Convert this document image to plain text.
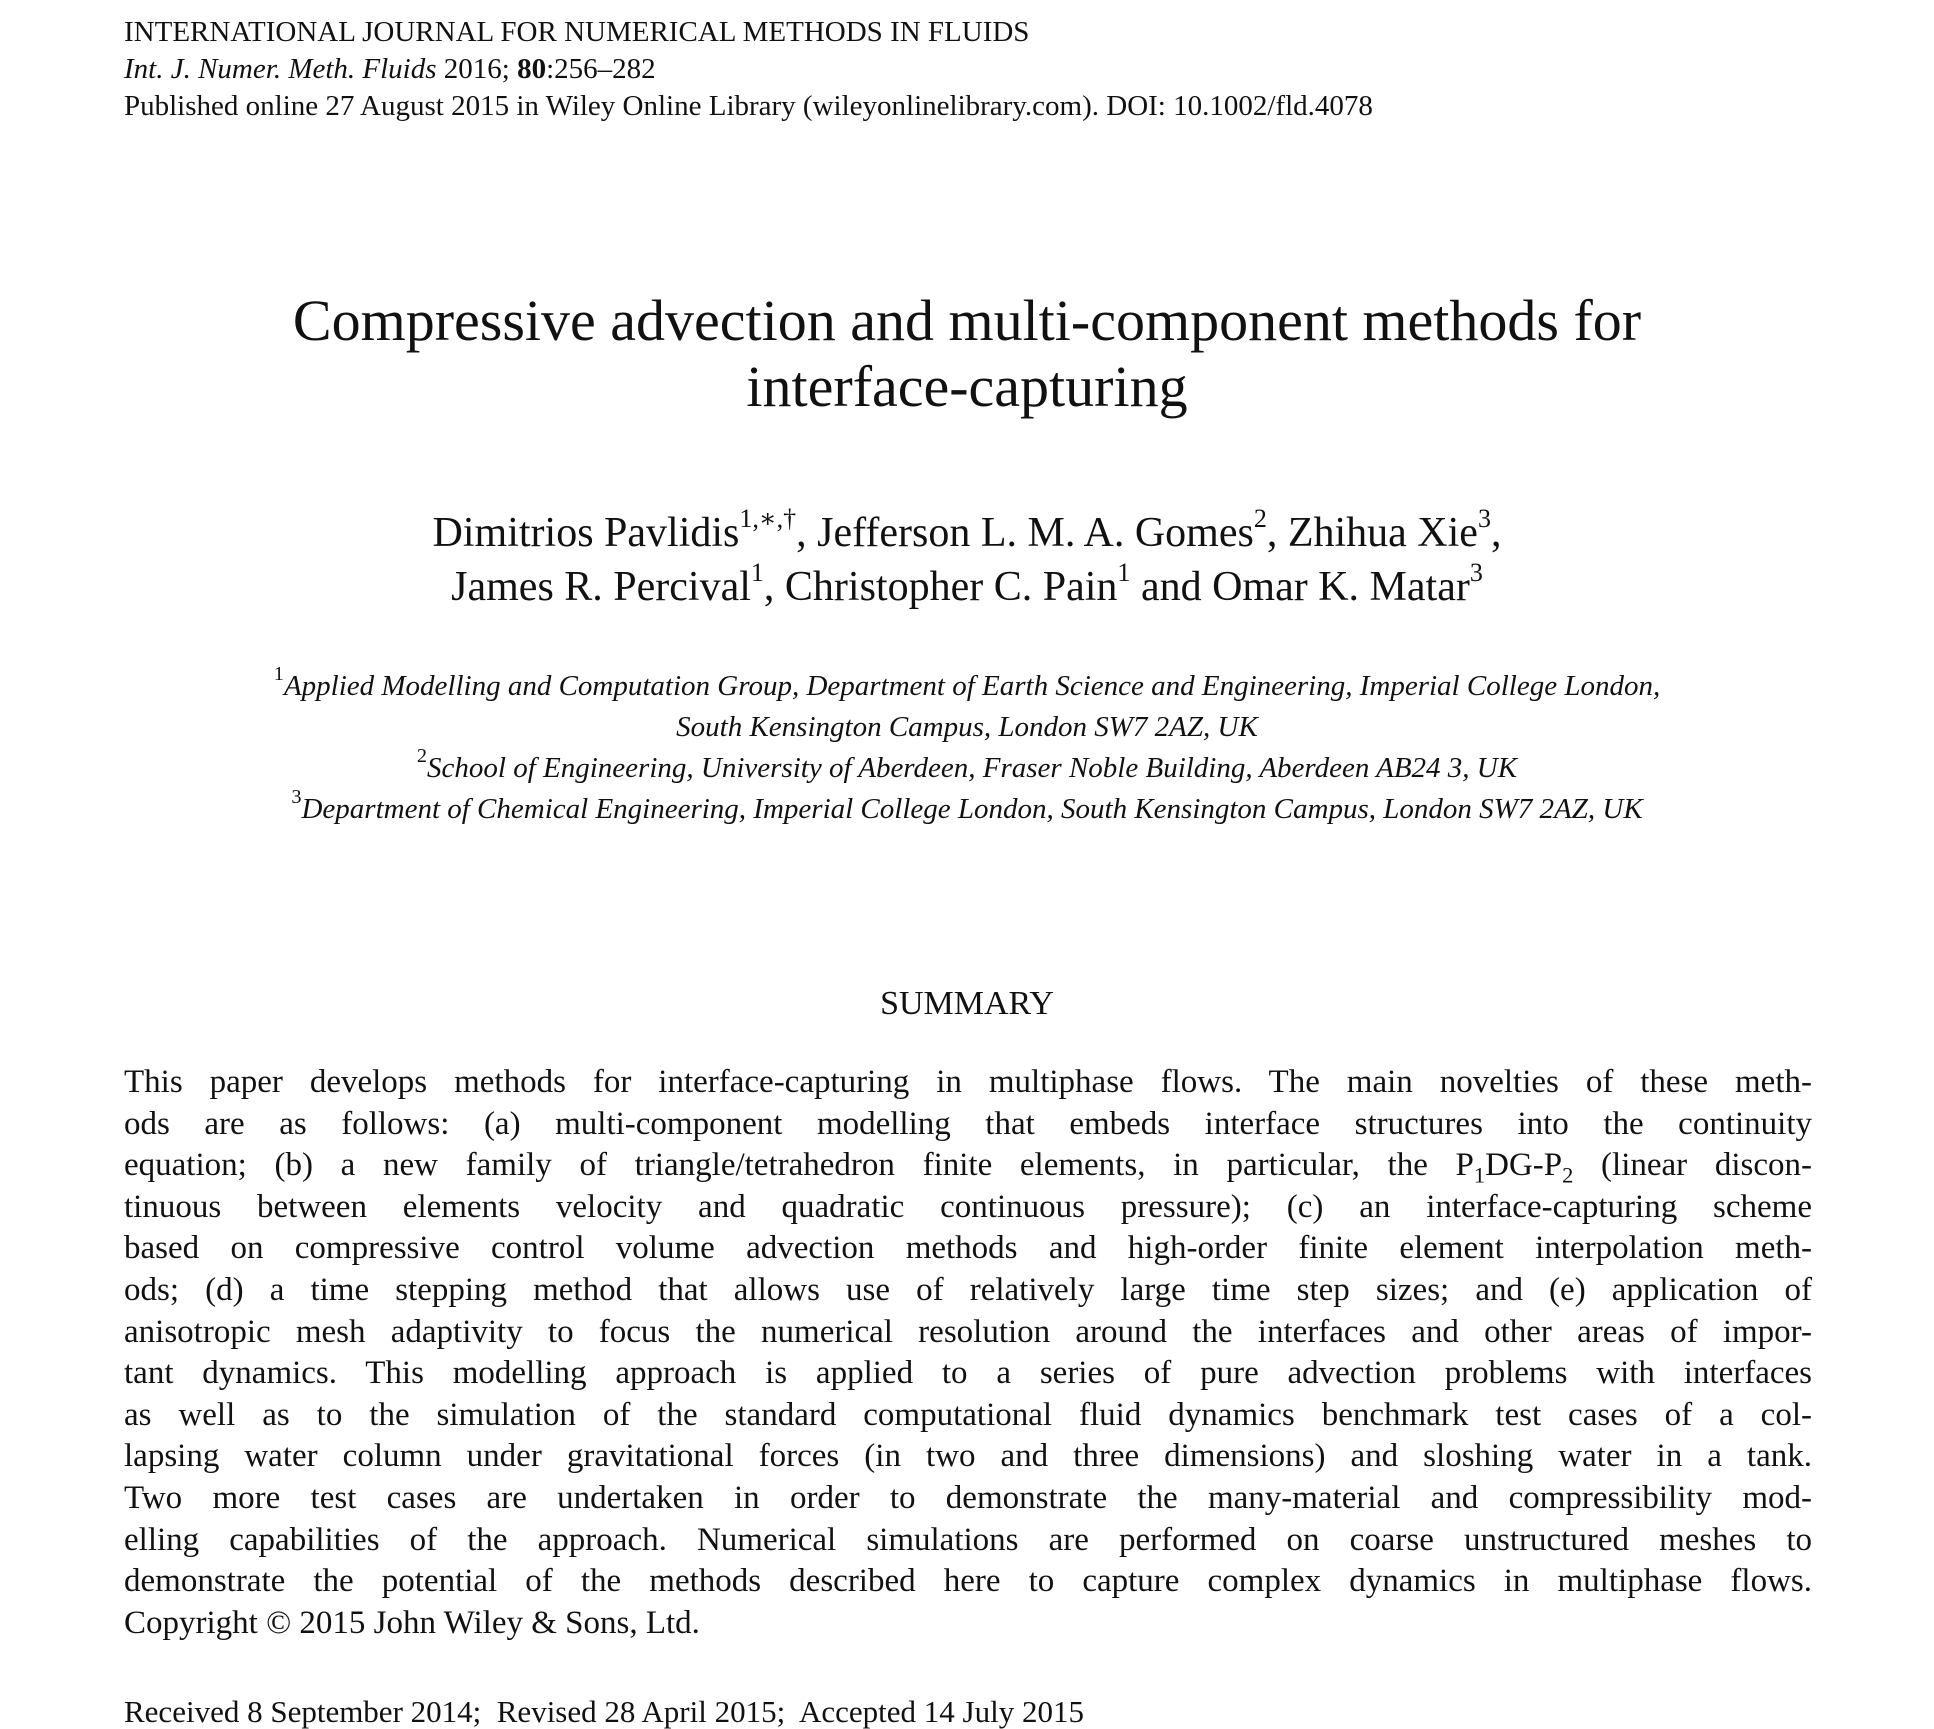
INTERNATIONAL JOURNAL FOR NUMERICAL METHODS IN FLUIDS
Int. J. Numer. Meth. Fluids 2016; 80:256–282
Published online 27 August 2015 in Wiley Online Library (wileyonlinelibrary.com). DOI: 10.1002/fld.4078
Compressive advection and multi-component methods for
interface-capturing
Dimitrios Pavlidis$^{1,∗,\dagger}$, Jefferson L. M. A. Gomes$^2$, Zhihua Xie$^3$,
James R. Percival$^1$, Christopher C. Pain$^1$ and Omar K. Matar$^3$
$^1$Applied Modelling and Computation Group, Department of Earth Science and Engineering, Imperial College London,
South Kensington Campus, London SW7 2AZ, UK
$^2$School of Engineering, University of Aberdeen, Fraser Noble Building, Aberdeen AB24 3, UK
$^3$Department of Chemical Engineering, Imperial College London, South Kensington Campus, London SW7 2AZ, UK
SUMMARY
This paper develops methods for interface-capturing in multiphase flows. The main novelties of these meth-
ods are as follows: (a) multi-component modelling that embeds interface structures into the continuity
equation; (b) a new family of triangle/tetrahedron finite elements, in particular, the $P_1DG-P_2$ (linear discon-
tinuous between elements velocity and quadratic continuous pressure); (c) an interface-capturing scheme
based on compressive control volume advection methods and high-order finite element interpolation meth-
ods; (d) a time stepping method that allows use of relatively large time step sizes; and (e) application of
anisotropic mesh adaptivity to focus the numerical resolution around the interfaces and other areas of impor-
tant dynamics. This modelling approach is applied to a series of pure advection problems with interfaces
as well as to the simulation of the standard computational fluid dynamics benchmark test cases of a col-
lapsing water column under gravitational forces (in two and three dimensions) and sloshing water in a tank.
Two more test cases are undertaken in order to demonstrate the many-material and compressibility mod-
elling capabilities of the approach. Numerical simulations are performed on coarse unstructured meshes to
demonstrate the potential of the methods described here to capture complex dynamics in multiphase flows.
Copyright © 2015 John Wiley & Sons, Ltd.
Received 8 September 2014;  Revised 28 April 2015;  Accepted 14 July 2015
